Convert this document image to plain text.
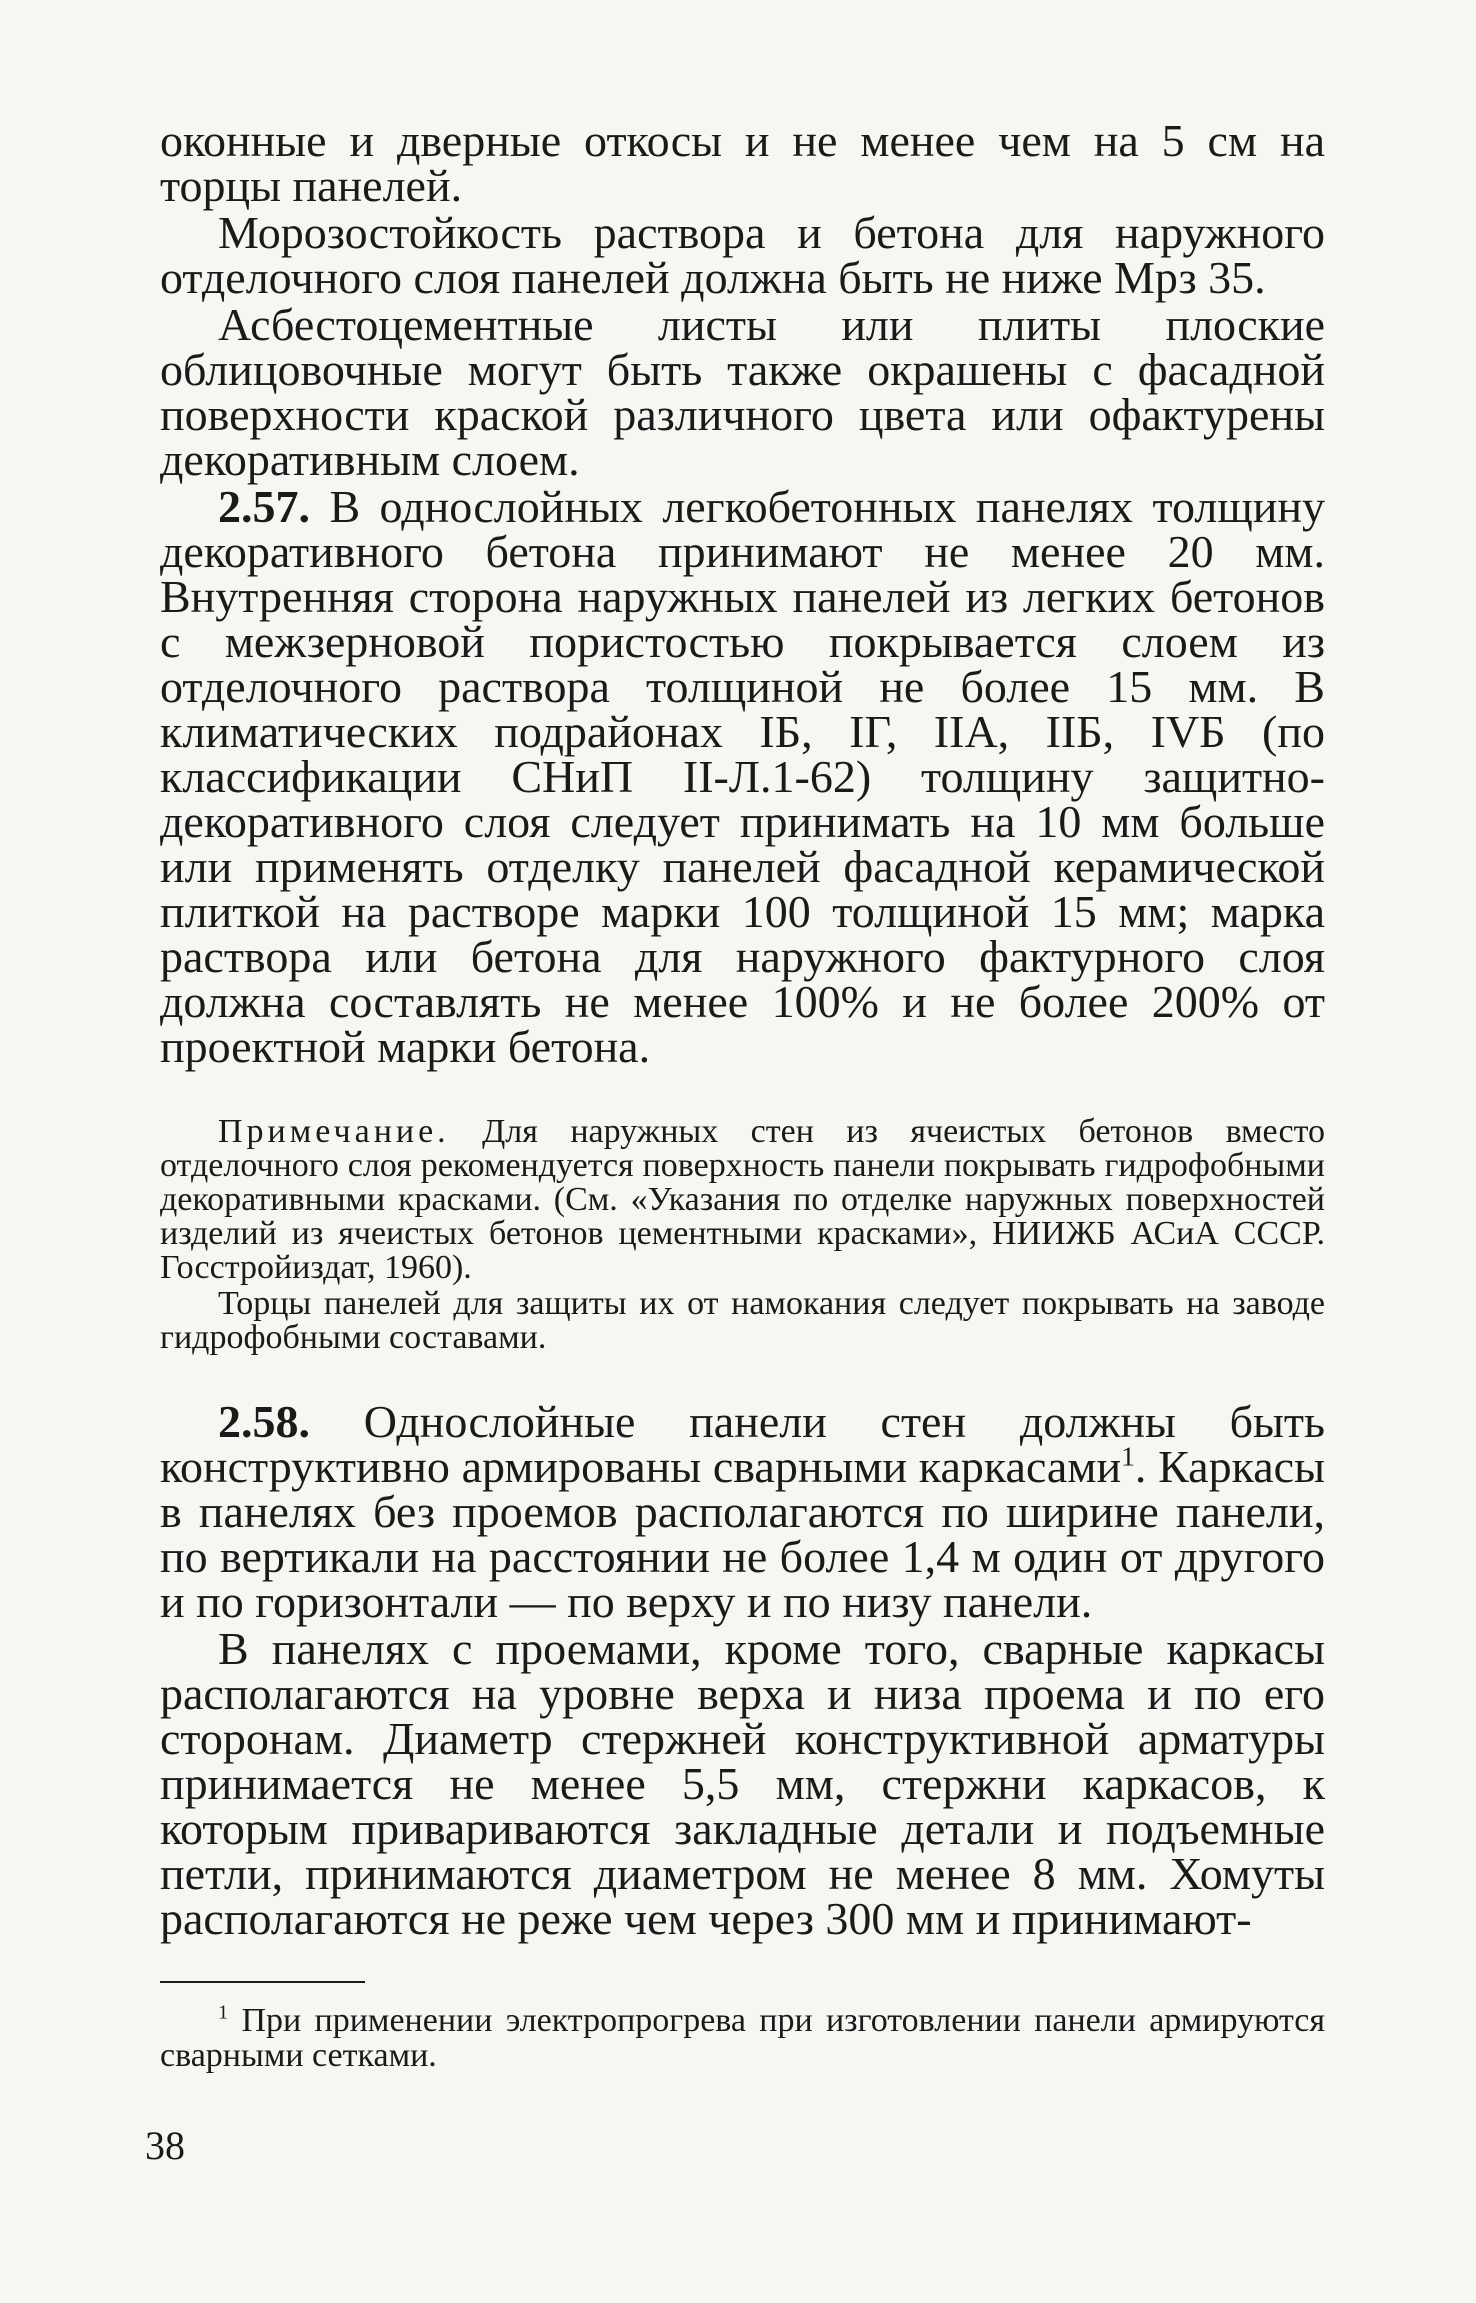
оконные и дверные откосы и не менее чем на 5 см на торцы панелей.

Морозостойкость раствора и бетона для наружного отделочного слоя панелей должна быть не ниже Мрз 35.

Асбестоцементные листы или плиты плоские облицовочные могут быть также окрашены с фасадной поверхности краской различного цвета или офактурены декоративным слоем.

2.57. В однослойных легкобетонных панелях толщину декоративного бетона принимают не менее 20 мм. Внутренняя сторона наружных панелей из легких бетонов с межзерновой пористостью покрывается слоем из отделочного раствора толщиной не более 15 мм. В климатических подрайонах IБ, IГ, IIА, IIБ, IVБ (по классификации СНиП II-Л.1-62) толщину защитно-декоративного слоя следует принимать на 10 мм больше или применять отделку панелей фасадной керамической плиткой на растворе марки 100 толщиной 15 мм; марка раствора или бетона для наружного фактурного слоя должна составлять не менее 100% и не более 200% от проектной марки бетона.

Примечание. Для наружных стен из ячеистых бетонов вместо отделочного слоя рекомендуется поверхность панели покрывать гидрофобными декоративными красками. (См. «Указания по отделке наружных поверхностей изделий из ячеистых бетонов цементными красками», НИИЖБ АСиА СССР. Госстройиздат, 1960).

Торцы панелей для защиты их от намокания следует покрывать на заводе гидрофобными составами.

2.58. Однослойные панели стен должны быть конструктивно армированы сварными каркасами$^1$. Каркасы в панелях без проемов располагаются по ширине панели, по вертикали на расстоянии не более 1,4 м один от другого и по горизонтали — по верху и по низу панели.

В панелях с проемами, кроме того, сварные каркасы располагаются на уровне верха и низа проема и по его сторонам. Диаметр стержней конструктивной арматуры принимается не менее 5,5 мм, стержни каркасов, к которым привариваются закладные детали и подъемные петли, принимаются диаметром не менее 8 мм. Хомуты располагаются не реже чем через 300 мм и принимают-

$^1$ При применении электропрогрева при изготовлении панели армируются сварными сетками.

38
